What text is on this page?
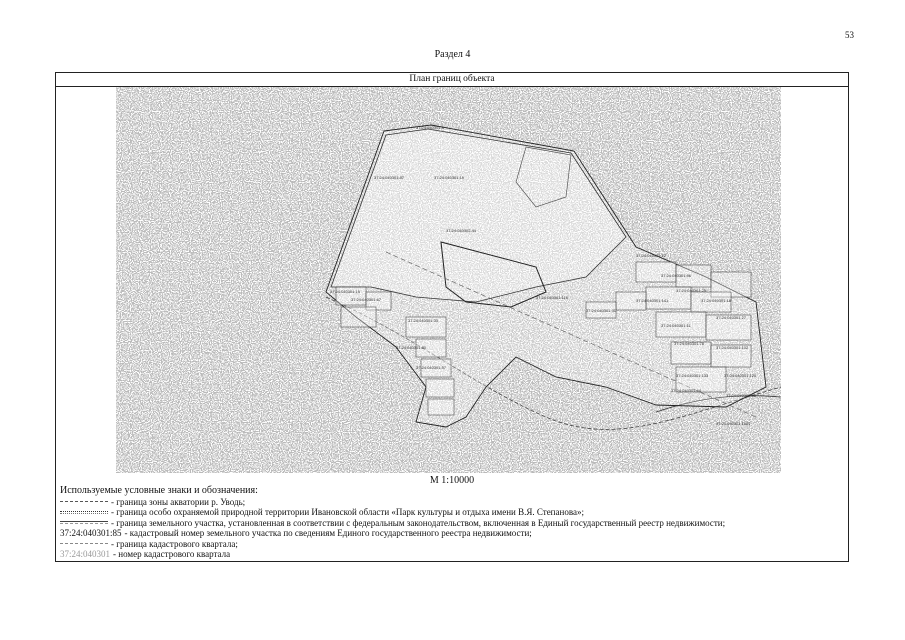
53
Раздел 4
План границ объекта
37:24:040301:8
37:24:040301:87	37:24:040301:19
37:24:040302:44
37:24:040301:15
37:24:040301:67
37:24:040301:33
37:24:040301:80
37:24:040301:57
37:24:040301:116
37:24:040301:31
37:24:040301:12
37:24:040301:96
37:24:040301:25
37:24:040301:18
37:24:040301:27
37:24:040301:11
37:24:040301:78
37:24:040301:102
37:24:040301:133	37:24:040301:120
37:24:040301:141
37:24:040301:64
37:24:040301:58
37:24:040301:1681
М 1:10000
Используемые условные знаки и обозначения:
- граница зоны акватории р. Уводь;
- граница особо охраняемой природной территории Ивановской области «Парк культуры и отдыха имени В.Я. Степанова»;
- граница земельного участка, установленная в соответствии с федеральным законодательством, включенная в Единый государственный реестр недвижимости;
37:24:040301:85 - кадастровый номер земельного участка по сведениям Единого государственного реестра недвижимости;
- граница кадастрового квартала;
37:24:040301 - номер кадастрового квартала
